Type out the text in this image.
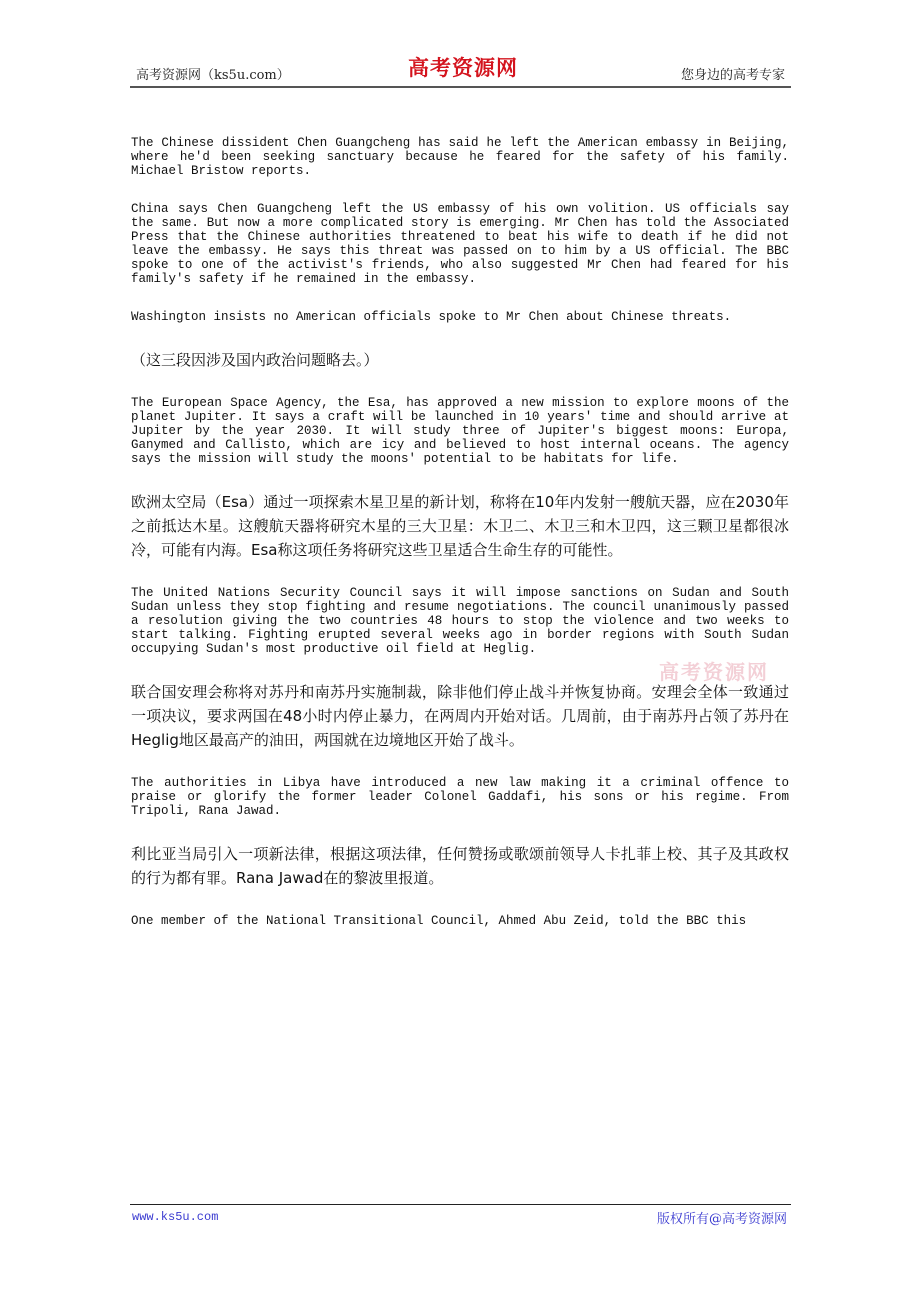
高考资源网（ks5u.com）	高考资源网	您身边的高考专家

The Chinese dissident Chen Guangcheng has said he left the American embassy in Beijing, where he'd been seeking sanctuary because he feared for the safety of his family. Michael Bristow reports.

China says Chen Guangcheng left the US embassy of his own volition. US officials say the same. But now a more complicated story is emerging. Mr Chen has told the Associated Press that the Chinese authorities threatened to beat his wife to death if he did not leave the embassy. He says this threat was passed on to him by a US official. The BBC spoke to one of the activist's friends, who also suggested Mr Chen had feared for his family's safety if he remained in the embassy.

Washington insists no American officials spoke to Mr Chen about Chinese threats.

（这三段因涉及国内政治问题略去。）

The European Space Agency, the Esa, has approved a new mission to explore moons of the planet Jupiter. It says a craft will be launched in 10 years' time and should arrive at Jupiter by the year 2030. It will study three of Jupiter's biggest moons: Europa, Ganymed and Callisto, which are icy and believed to host internal oceans. The agency says the mission will study the moons' potential to be habitats for life.

欧洲太空局（Esa）通过一项探索木星卫星的新计划，称将在10年内发射一艘航天器，应在2030年之前抵达木星。这艘航天器将研究木星的三大卫星：木卫二、木卫三和木卫四，这三颗卫星都很冰冷，可能有内海。Esa称这项任务将研究这些卫星适合生命生存的可能性。

The United Nations Security Council says it will impose sanctions on Sudan and South Sudan unless they stop fighting and resume negotiations. The council unanimously passed a resolution giving the two countries 48 hours to stop the violence and two weeks to start talking. Fighting erupted several weeks ago in border regions with South Sudan occupying Sudan's most productive oil field at Heglig.

高考资源网

联合国安理会称将对苏丹和南苏丹实施制裁，除非他们停止战斗并恢复协商。安理会全体一致通过一项决议，要求两国在48小时内停止暴力，在两周内开始对话。几周前，由于南苏丹占领了苏丹在Heglig地区最高产的油田，两国就在边境地区开始了战斗。

The authorities in Libya have introduced a new law making it a criminal offence to praise or glorify the former leader Colonel Gaddafi, his sons or his regime. From Tripoli, Rana Jawad.

利比亚当局引入一项新法律，根据这项法律，任何赞扬或歌颂前领导人卡扎菲上校、其子及其政权的行为都有罪。Rana Jawad在的黎波里报道。

One member of the National Transitional Council, Ahmed Abu Zeid, told the BBC this

www.ks5u.com	版权所有@高考资源网
